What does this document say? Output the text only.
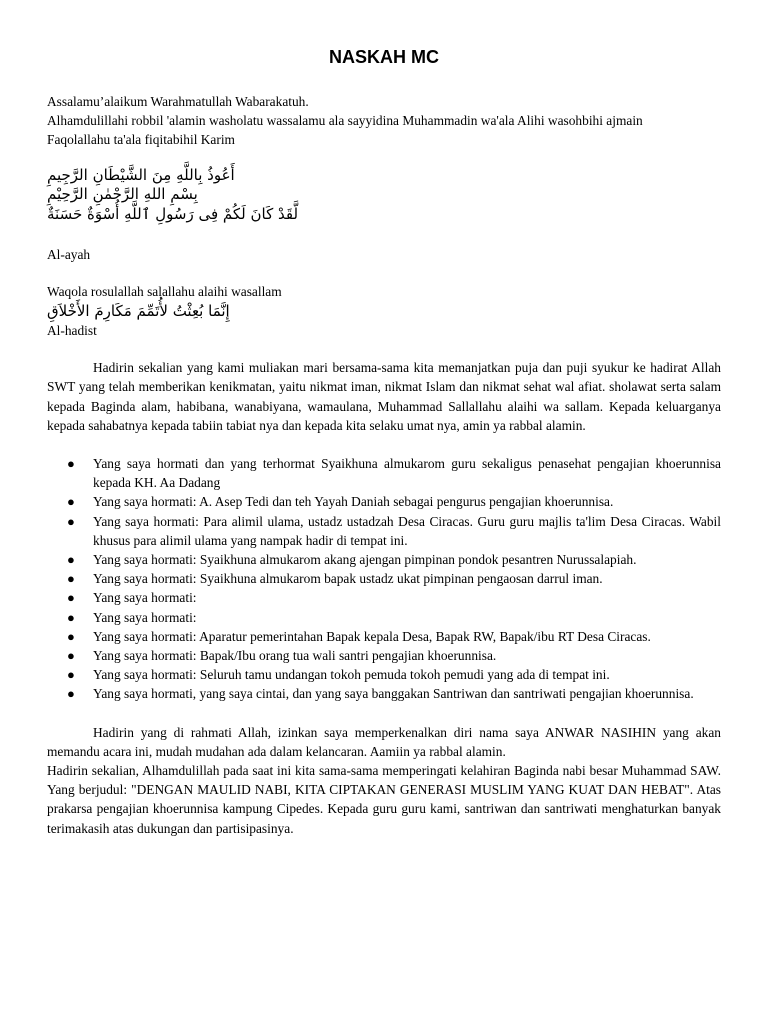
NASKAH MC

Assalamu’alaikum Warahmatullah Wabarakatuh.

Alhamdulillahi robbil 'alamin washolatu wassalamu ala sayyidina Muhammadin wa'ala Alihi wasohbihi ajmain

Faqolallahu ta'ala fiqitabihil Karim

أَعُوذُ بِاللَّهِ مِنَ الشَّيْطَانِ الرَّجِيمِ

بِسْمِ اللهِ الرَّحْمٰنِ الرَّحِيْمِ

لَّقَدْ كَانَ لَكُمْ فِى رَسُولِ ٱللَّهِ أُسْوَةٌ حَسَنَةٌ

Al-ayah

Waqola rosulallah salallahu alaihi wasallam

إِنَّمَا بُعِثْتُ لأُتَمِّمَ مَكَارِمَ الأَخْلاَقِ

Al-hadist

Hadirin sekalian yang kami muliakan mari bersama-sama kita memanjatkan puja dan puji syukur ke hadirat Allah SWT yang telah memberikan kenikmatan, yaitu nikmat iman, nikmat Islam dan nikmat sehat wal afiat. sholawat serta salam kepada Baginda alam, habibana, wanabiyana, wamaulana, Muhammad Sallallahu alaihi wa sallam. Kepada keluarganya kepada sahabatnya kepada tabiin tabiat nya dan kepada kita selaku umat nya, amin ya rabbal alamin.

● Yang saya hormati dan yang terhormat Syaikhuna almukarom guru sekaligus penasehat pengajian khoerunnisa kepada KH. Aa Dadang
● Yang saya hormati: A. Asep Tedi dan teh Yayah Daniah sebagai pengurus pengajian khoerunnisa.
● Yang saya hormati: Para alimil ulama, ustadz ustadzah Desa Ciracas. Guru guru majlis ta'lim Desa Ciracas. Wabil khusus para alimil ulama yang nampak hadir di tempat ini.
● Yang saya hormati: Syaikhuna almukarom akang ajengan pimpinan pondok pesantren Nurussalapiah.
● Yang saya hormati: Syaikhuna almukarom bapak ustadz ukat pimpinan pengaosan darrul iman.
● Yang saya hormati:
● Yang saya hormati:
● Yang saya hormati: Aparatur pemerintahan Bapak kepala Desa, Bapak RW, Bapak/ibu RT Desa Ciracas.
● Yang saya hormati: Bapak/Ibu orang tua wali santri pengajian khoerunnisa.
● Yang saya hormati: Seluruh tamu undangan tokoh pemuda tokoh pemudi yang ada di tempat ini.
● Yang saya hormati, yang saya cintai, dan yang saya banggakan Santriwan dan santriwati pengajian khoerunnisa.

Hadirin yang di rahmati Allah, izinkan saya memperkenalkan diri nama saya ANWAR NASIHIN yang akan memandu acara ini, mudah mudahan ada dalam kelancaran. Aamiin ya rabbal alamin.

Hadirin sekalian, Alhamdulillah pada saat ini kita sama-sama memperingati kelahiran Baginda nabi besar Muhammad SAW. Yang berjudul: "DENGAN MAULID NABI, KITA CIPTAKAN GENERASI MUSLIM YANG KUAT DAN HEBAT". Atas prakarsa pengajian khoerunnisa kampung Cipedes. Kepada guru guru kami, santriwan dan santriwati menghaturkan banyak terimakasih atas dukungan dan partisipasinya.
